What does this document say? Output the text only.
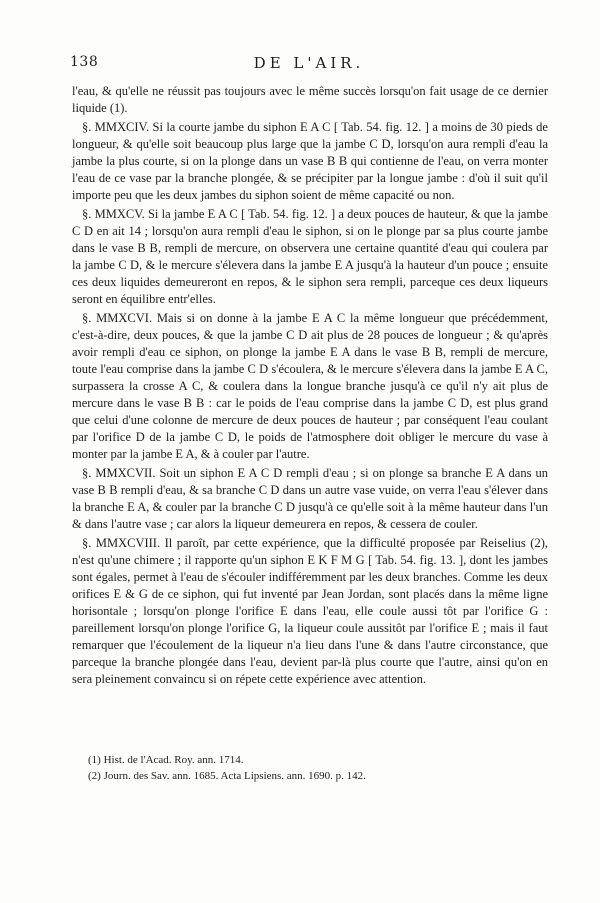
138	DE L'AIR.

l'eau, & qu'elle ne réussit pas toujours avec le même succès lorsqu'on fait usage de ce dernier liquide (1).

§. MMXCIV. Si la courte jambe du siphon E A C [ Tab. 54. fig. 12. ] a moins de 30 pieds de longueur, & qu'elle soit beaucoup plus large que la jambe C D, lorsqu'on aura rempli d'eau la jambe la plus courte, si on la plonge dans un vase B B qui contienne de l'eau, on verra monter l'eau de ce vase par la branche plongée, & se précipiter par la longue jambe : d'où il suit qu'il importe peu que les deux jambes du siphon soient de même capacité ou non.

§. MMXCV. Si la jambe E A C [ Tab. 54. fig. 12. ] a deux pouces de hauteur, & que la jambe C D en ait 14 ; lorsqu'on aura rempli d'eau le siphon, si on le plonge par sa plus courte jambe dans le vase B B, rempli de mercure, on observera une certaine quantité d'eau qui coulera par la jambe C D, & le mercure s'élevera dans la jambe E A jusqu'à la hauteur d'un pouce ; ensuite ces deux liquides demeureront en repos, & le siphon sera rempli, parceque ces deux liqueurs seront en équilibre entr'elles.

§. MMXCVI. Mais si on donne à la jambe E A C la même longueur que précédemment, c'est-à-dire, deux pouces, & que la jambe C D ait plus de 28 pouces de longueur ; & qu'après avoir rempli d'eau ce siphon, on plonge la jambe E A dans le vase B B, rempli de mercure, toute l'eau comprise dans la jambe C D s'écoulera, & le mercure s'élevera dans la jambe E A C, surpassera la crosse A C, & coulera dans la longue branche jusqu'à ce qu'il n'y ait plus de mercure dans le vase B B : car le poids de l'eau comprise dans la jambe C D, est plus grand que celui d'une colonne de mercure de deux pouces de hauteur ; par conséquent l'eau coulant par l'orifice D de la jambe C D, le poids de l'atmosphere doit obliger le mercure du vase à monter par la jambe E A, & à couler par l'autre.

§. MMXCVII. Soit un siphon E A C D rempli d'eau ; si on plonge sa branche E A dans un vase B B rempli d'eau, & sa branche C D dans un autre vase vuide, on verra l'eau s'élever dans la branche E A, & couler par la branche C D jusqu'à ce qu'elle soit à la même hauteur dans l'un & dans l'autre vase ; car alors la liqueur demeurera en repos, & cessera de couler.

§. MMXCVIII. Il paroît, par cette expérience, que la difficulté proposée par Reiselius (2), n'est qu'une chimere ; il rapporte qu'un siphon E K F M G [ Tab. 54. fig. 13. ], dont les jambes sont égales, permet à l'eau de s'écouler indifféremment par les deux branches. Comme les deux orifices E & G de ce siphon, qui fut inventé par Jean Jordan, sont placés dans la même ligne horisontale ; lorsqu'on plonge l'orifice E dans l'eau, elle coule aussi tôt par l'orifice G : pareillement lorsqu'on plonge l'orifice G, la liqueur coule aussitôt par l'orifice E ; mais il faut remarquer que l'écoulement de la liqueur n'a lieu dans l'une & dans l'autre circonstance, que parceque la branche plongée dans l'eau, devient par-là plus courte que l'autre, ainsi qu'on en sera pleinement convaincu si on répete cette expérience avec attention.

(1) Hist. de l'Acad. Roy. ann. 1714.
(2) Journ. des Sav. ann. 1685. Acta Lipsiens. ann. 1690. p. 142.
